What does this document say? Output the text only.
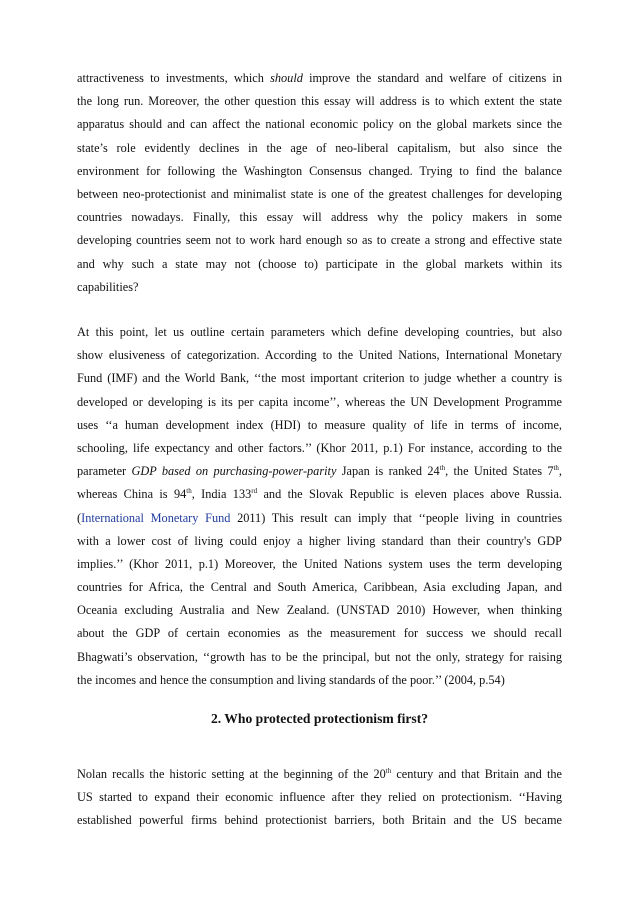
attractiveness to investments, which should improve the standard and welfare of citizens in
the long run. Moreover, the other question this essay will address is to which extent the state
apparatus should and can affect the national economic policy on the global markets since the
state’s role evidently declines in the age of neo-liberal capitalism, but also since the
environment for following the Washington Consensus changed. Trying to find the balance
between neo-protectionist and minimalist state is one of the greatest challenges for developing
countries nowadays. Finally, this essay will address why the policy makers in some
developing countries seem not to work hard enough so as to create a strong and effective state
and why such a state may not (choose to) participate in the global markets within its
capabilities?
At this point, let us outline certain parameters which define developing countries, but also
show elusiveness of categorization. According to the United Nations, International Monetary
Fund (IMF) and the World Bank, ‘‘the most important criterion to judge whether a country is
developed or developing is its per capita income’’, whereas the UN Development Programme
uses ‘‘a human development index (HDI) to measure quality of life in terms of income,
schooling, life expectancy and other factors.’’ (Khor 2011, p.1) For instance, according to the
parameter GDP based on purchasing-power-parity Japan is ranked 24th, the United States 7th,
whereas China is 94th, India 133rd and the Slovak Republic is eleven places above Russia.
(International Monetary Fund 2011) This result can imply that ‘‘people living in countries
with a lower cost of living could enjoy a higher living standard than their country's GDP
implies.’’ (Khor 2011, p.1) Moreover, the United Nations system uses the term developing
countries for Africa, the Central and South America, Caribbean, Asia excluding Japan, and
Oceania excluding Australia and New Zealand. (UNSTAD 2010) However, when thinking
about the GDP of certain economies as the measurement for success we should recall
Bhagwati’s observation, ‘‘growth has to be the principal, but not the only, strategy for raising
the incomes and hence the consumption and living standards of the poor.’’ (2004, p.54)
2. Who protected protectionism first?
Nolan recalls the historic setting at the beginning of the 20th century and that Britain and the
US started to expand their economic influence after they relied on protectionism. ‘‘Having
established powerful firms behind protectionist barriers, both Britain and the US became
